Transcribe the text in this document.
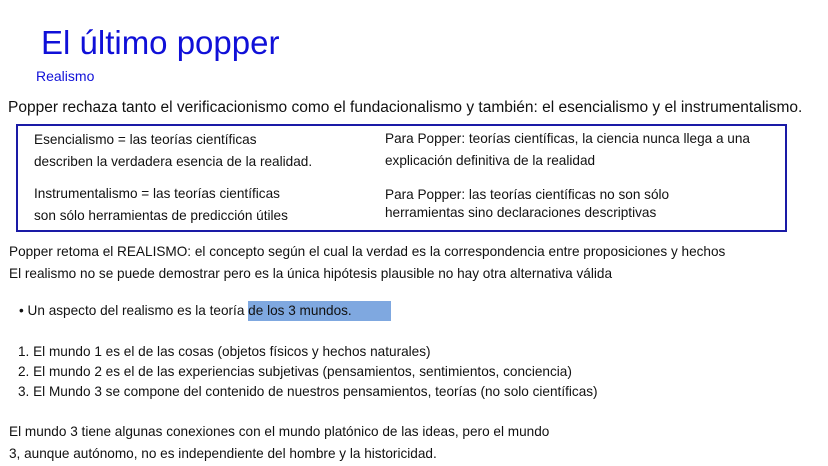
El último popper
Realismo
Popper rechaza tanto el verificacionismo como el fundacionalismo y también: el esencialismo y el instrumentalismo.
Esencialismo = las teorías científicas
describen la verdadera esencia de la realidad.
Para Popper: teorías científicas, la ciencia nunca llega a una
explicación definitiva de la realidad
Instrumentalismo = las teorías científicas
son sólo herramientas de predicción útiles
Para Popper: las teorías científicas no son sólo
herramientas sino declaraciones descriptivas
Popper retoma el REALISMO: el concepto según el cual la verdad es la correspondencia entre proposiciones y hechos
El realismo no se puede demostrar pero es la única hipótesis plausible no hay otra alternativa válida
• Un aspecto del realismo es la teoría de los 3 mundos.
1. El mundo 1 es el de las cosas (objetos físicos y hechos naturales)
2. El mundo 2 es el de las experiencias subjetivas (pensamientos, sentimientos, conciencia)
3. El Mundo 3 se compone del contenido de nuestros pensamientos, teorías (no solo científicas)
El mundo 3 tiene algunas conexiones con el mundo platónico de las ideas, pero el mundo
3, aunque autónomo, no es independiente del hombre y la historicidad.
